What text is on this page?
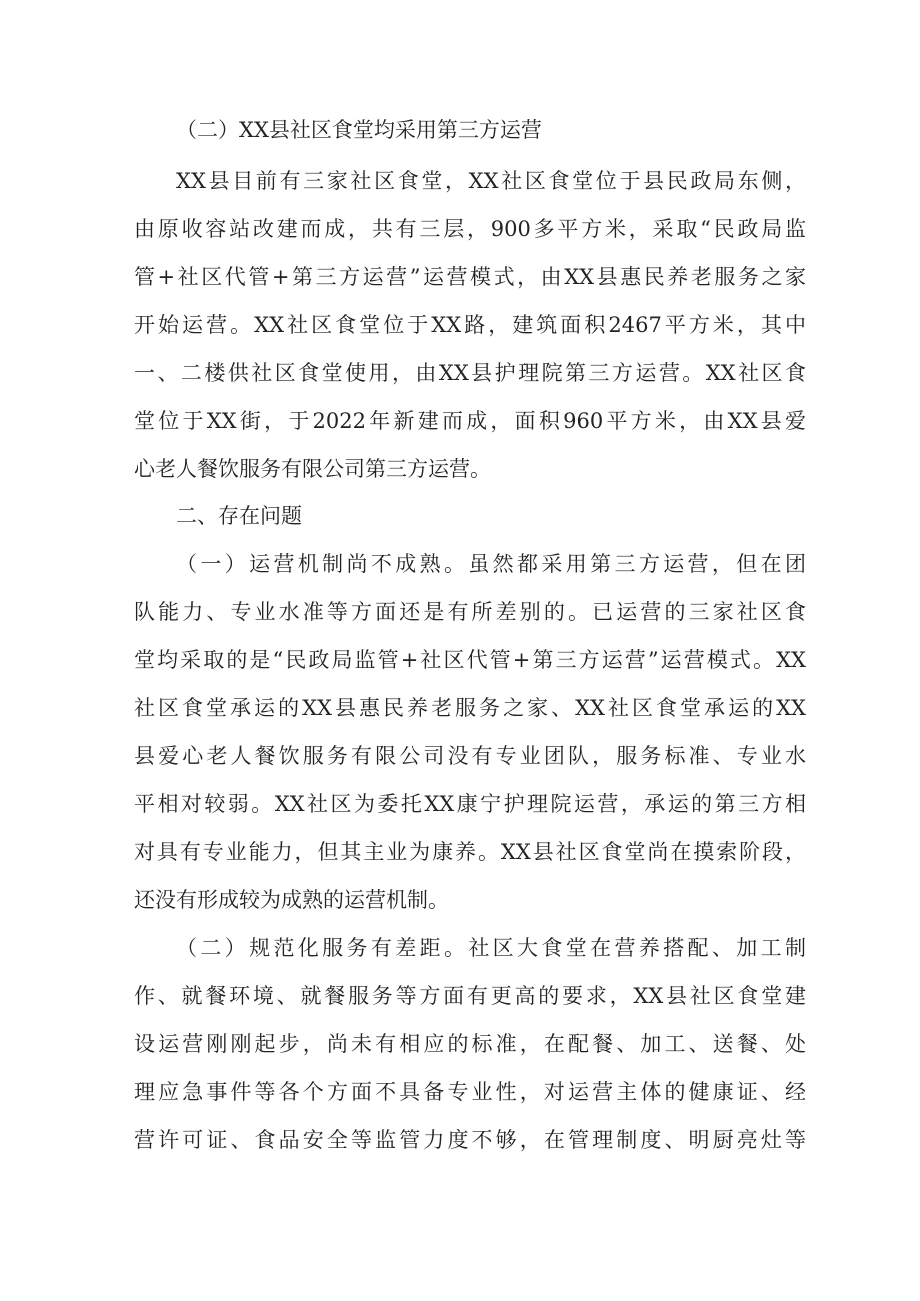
（二）XX县社区食堂均采用第三方运营
XX县目前有三家社区食堂，XX社区食堂位于县民政局东侧，
由原收容站改建而成，共有三层，900多平方米，采取“民政局监
管+社区代管+第三方运营”运营模式，由XX县惠民养老服务之家
开始运营。XX社区食堂位于XX路，建筑面积2467平方米，其中
一、二楼供社区食堂使用，由XX县护理院第三方运营。XX社区食
堂位于XX街，于2022年新建而成，面积960平方米，由XX县爱
心老人餐饮服务有限公司第三方运营。
二、存在问题
（一）运营机制尚不成熟。虽然都采用第三方运营，但在团
队能力、专业水准等方面还是有所差别的。已运营的三家社区食
堂均采取的是“民政局监管+社区代管+第三方运营”运营模式。XX
社区食堂承运的XX县惠民养老服务之家、XX社区食堂承运的XX
县爱心老人餐饮服务有限公司没有专业团队，服务标准、专业水
平相对较弱。XX社区为委托XX康宁护理院运营，承运的第三方相
对具有专业能力，但其主业为康养。XX县社区食堂尚在摸索阶段，
还没有形成较为成熟的运营机制。
（二）规范化服务有差距。社区大食堂在营养搭配、加工制
作、就餐环境、就餐服务等方面有更高的要求，XX县社区食堂建
设运营刚刚起步，尚未有相应的标准，在配餐、加工、送餐、处
理应急事件等各个方面不具备专业性，对运营主体的健康证、经
营许可证、食品安全等监管力度不够，在管理制度、明厨亮灶等
